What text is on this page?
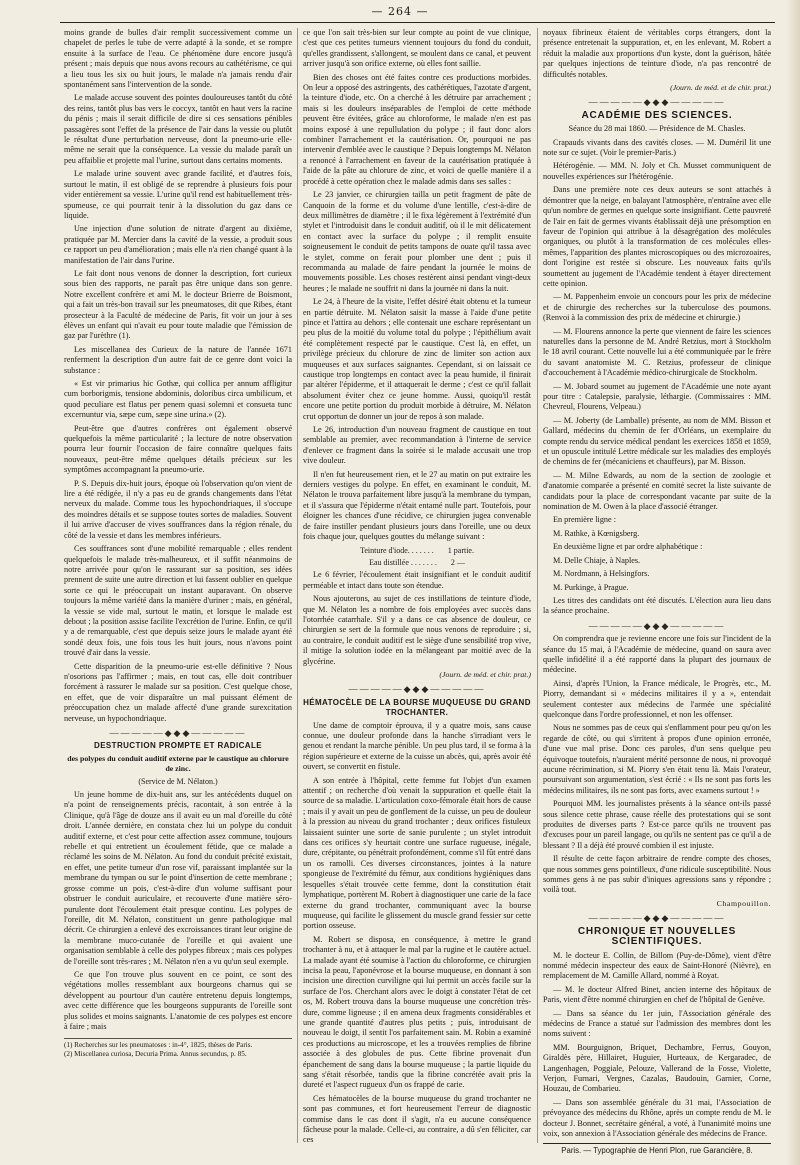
— 264 —

moins grande de bulles d'air remplit successivement comme un chapelet de perles le tube de verre adapté à la sonde, et se rompre ensuite à la surface de l'eau. Ce phénomène dure encore jusqu'à présent ; mais depuis que nous avons recours au cathétérisme, ce qui a lieu tous les six ou huit jours, le malade n'a jamais rendu d'air spontanément sans l'intervention de la sonde.

Le malade accuse souvent des pointes douloureuses tantôt du côté des reins, tantôt plus bas vers le coccyx, tantôt en haut vers la racine du pénis ; mais il serait difficile de dire si ces sensations pénibles passagères sont l'effet de la présence de l'air dans la vessie ou plutôt le résultat d'une perturbation nerveuse, dont la pneumo-urie elle-même ne serait que la conséquence. La vessie du malade paraît un peu affaiblie et projette mal l'urine, surtout dans certains moments.

Le malade urine souvent avec grande facilité, et d'autres fois, surtout le matin, il est obligé de se reprendre à plusieurs fois pour vider entièrement sa vessie. L'urine qu'il rend est habituellement très-spumeuse, ce qui pourrait tenir à la dissolution du gaz dans ce liquide.

Une injection d'une solution de nitrate d'argent au dixième, pratiquée par M. Mercier dans la cavité de la vessie, a produit sous ce rapport un peu d'amélioration ; mais elle n'a rien changé quant à la manifestation de l'air dans l'urine.

Le fait dont nous venons de donner la description, fort curieux sous bien des rapports, ne paraît pas être unique dans son genre. Notre excellent confrère et ami M. le docteur Brierre de Boismont, qui a fait un très-bon travail sur les pneumatoses, dit que Ribes, étant prosecteur à la Faculté de médecine de Paris, fit voir un jour à ses élèves un enfant qui n'avait eu pour toute maladie que l'émission de gaz par l'urèthre (1).

Les miscellanea des Curieux de la nature de l'année 1671 renferment la description d'un autre fait de ce genre dont voici la substance :

« Est vir primarius hic Gothæ, qui collica per annum affligitur cum borborigmis, tensione abdominis, doloribus circa umbilicum, et quod peculiare est flatus per penem quasi solemni et consueta tunc excernuntur via, sæpe cum, sæpe sine urina.» (2).

Peut-être que d'autres confrères ont également observé quelquefois la même particularité ; la lecture de notre observation pourra leur fournir l'occasion de faire connaître quelques faits nouveaux, peut-être même quelques détails précieux sur les symptômes accompagnant la pneumo-urie.

P. S. Depuis dix-huit jours, époque où l'observation qu'on vient de lire a été rédigée, il n'y a pas eu de grands changements dans l'état nerveux du malade. Comme tous les hypochondriaques, il s'occupe des moindres détails et se suppose toutes sortes de maladies. Souvent il lui arrive d'accuser de vives souffrances dans la région rénale, du côté de la vessie et dans les membres inférieurs.

Ces souffrances sont d'une mobilité remarquable ; elles rendent quelquefois le malade très-malheureux, et il suffit néanmoins de notre arrivée pour qu'on le rassurant sur sa position, ses idées prennent de suite une autre direction et lui fassent oublier en quelque sorte ce qui le préoccupait un instant auparavant. On observe toujours la même variété dans la manière d'uriner ; mais, en général, la vessie se vide mal, surtout le matin, et lorsque le malade est debout ; la position assise facilite l'excrétion de l'urine. Enfin, ce qu'il y a de remarquable, c'est que depuis seize jours le malade ayant été sondé deux fois, une fois tous les huit jours, nous n'avons point trouvé d'air dans la vessie.

Cette disparition de la pneumo-urie est-elle définitive ? Nous n'osorions pas l'affirmer ; mais, en tout cas, elle doit contribuer forcément à rassurer le malade sur sa position. C'est quelque chose, en effet, que de voir disparaître un mal puissant élément de préoccupation chez un malade affecté d'une grande surexcitation nerveuse, un hypochondriaque.

—————◆◆◆—————
DESTRUCTION PROMPTE ET RADICALE
des polypes du conduit auditif externe par le caustique au chlorure de zinc.
(Service de M. Nélaton.)

Un jeune homme de dix-huit ans, sur les antécédents duquel on n'a point de renseignements précis, racontait, à son entrée à la Clinique, qu'à l'âge de douze ans il avait eu un mal d'oreille du côté droit. L'année dernière, en constata chez lui un polype du conduit auditif externe, et c'est pour cette affection assez commune, toujours rebelle et qui entretient un écoulement fétide, que ce malade a réclamé les soins de M. Nélaton. Au fond du conduit précité existait, en effet, une petite tumeur d'un rose vif, paraissant implantée sur la membrane du tympan ou sur le point d'insertion de cette membrane ; grosse comme un pois, c'est-à-dire d'un volume suffisant pour obstruer le conduit auriculaire, et recouverte d'une matière séro-purulente dont l'écoulement était presque continu. Les polypes de l'oreille, dit M. Nélaton, constituent un genre pathologique mal décrit. Ce chirurgien a enlevé des excroissances tirant leur origine de la membrane muco-cutanée de l'oreille et qui avaient une organisation semblable à celle des polypes fibreux ; mais ces polypes de l'oreille sont très-rares ; M. Nélaton n'en a vu qu'un seul exemple.

Ce que l'on trouve plus souvent en ce point, ce sont des végétations molles ressemblant aux bourgeons charnus qui se développent au pourtour d'un cautère entretenu depuis longtemps, avec cette différence que les bourgeons suppurants de l'oreille sont plus solides et moins saignants. L'anatomie de ces polypes est encore à faire ; mais

(1) Recherches sur les pneumatoses : in-4°, 1825, thèses de Paris.

(2) Miscellanea curiosa, Decuria Prima. Annus secundus, p. 85.

ce que l'on sait très-bien sur leur compte au point de vue clinique, c'est que ces petites tumeurs viennent toujours du fond du conduit, qu'elles grandissent, s'allongent, se moulent dans ce canal, et peuvent arriver jusqu'à son orifice externe, où elles font saillie.

Bien des choses ont été faites contre ces productions morbides. On leur a opposé des astringents, des cathérétiques, l'azotate d'argent, la teinture d'iode, etc. On a cherché à les détruire par arrachement ; mais si les douleurs inséparables de l'emploi de cette méthode peuvent être évitées, grâce au chloroforme, le malade n'en est pas moins exposé à une repullulation du polype ; il faut donc alors combiner l'arrachement et la cautérisation. Or, pourquoi ne pas intervenir d'emblée avec le caustique ? Depuis longtemps M. Nélaton a renoncé à l'arrachement en faveur de la cautérisation pratiquée à l'aide de la pâte au chlorure de zinc, et voici de quelle manière il a procédé à cette opération chez le malade admis dans ses salles :

Le 23 janvier, ce chirurgien tailla un petit fragment de pâte de Canquoin de la forme et du volume d'une lentille, c'est-à-dire de deux millimètres de diamètre ; il le fixa légèrement à l'extrémité d'un stylet et l'introduisit dans le conduit auditif, où il le mit délicatement en contact avec la surface du polype ; il remplit ensuite soigneusement le conduit de petits tampons de ouate qu'il tassa avec le stylet, comme on ferait pour plomber une dent ; puis il recommanda au malade de faire pendant la journée le moins de mouvements possible. Les choses restèrent ainsi pendant vingt-deux heures ; le malade ne souffrit ni dans la journée ni dans la nuit.

Le 24, à l'heure de la visite, l'effet désiré était obtenu et la tumeur en partie détruite. M. Nélaton saisit la masse à l'aide d'une petite pince et l'attira au dehors ; elle contenait une eschare représentant un peu plus de la moitié du volume total du polype ; l'épithélium avait été complètement respecté par le caustique. C'est là, en effet, un privilège précieux du chlorure de zinc de limiter son action aux muqueuses et aux surfaces saignantes. Cependant, si on laissait ce caustique trop longtemps en contact avec la peau humide, il finirait par altérer l'épiderme, et il attaquerait le derme ; c'est ce qu'il fallait absolument éviter chez ce jeune homme. Aussi, quoiqu'il restât encore une petite portion du produit morbide à détruire, M. Nélaton crut opportun de donner un jour de repos à son malade.

Le 26, introduction d'un nouveau fragment de caustique en tout semblable au premier, avec recommandation à l'interne de service d'enlever ce fragment dans la soirée si le malade accusait une trop vive douleur.

Il n'en fut heureusement rien, et le 27 au matin on put extraire les derniers vestiges du polype. En effet, en examinant le conduit, M. Nélaton le trouva parfaitement libre jusqu'à la membrane du tympan, et il s'assura que l'épiderme n'était entamé nulle part. Toutefois, pour éloigner les chances d'une récidive, ce chirurgien jugea convenable de faire instiller pendant plusieurs jours dans l'oreille, une ou deux fois chaque jour, quelques gouttes du mélange suivant :

Teinture d'iode. . . . . . . 1 partie.
Eau distillée . . . . . . . 2 —

Le 6 février, l'écoulement était insignifiant et le conduit auditif perméable et intact dans toute son étendue.

Nous ajouterons, au sujet de ces instillations de teinture d'iode, que M. Nélaton les a nombre de fois employées avec succès dans l'otorrhée catarrhale. S'il y a dans ce cas absence de douleur, ce chirurgien se sert de la formule que nous venons de reproduire ; si, au contraire, le conduit auditif est le siège d'une sensibilité trop vive, il mitige la solution iodée en la mélangeant par moitié avec de la glycérine.

(Journ. de méd. et chir. prat.)
—————◆◆◆—————
HÉMATOCÈLE DE LA BOURSE MUQUEUSE DU GRAND TROCHANTER.

Une dame de comptoir éprouva, il y a quatre mois, sans cause connue, une douleur profonde dans la hanche s'irradiant vers le genou et rendant la marche pénible. Un peu plus tard, il se forma à la région supérieure et externe de la cuisse un abcès, qui, après avoir été ouvert, se convertit en fistule.

A son entrée à l'hôpital, cette femme fut l'objet d'un examen attentif ; on recherche d'où venait la suppuration et quelle était la source de sa maladie. L'articulation coxo-fémorale était hors de cause ; mais il y avait un peu de gonflement de la cuisse, un peu de douleur à la pression au niveau du grand trochanter ; deux orifices fistuleux laissaient suinter une sorte de sanie purulente ; un stylet introduit dans ces orifices s'y heurtait contre une surface rugueuse, inégale, dure, crépitante, ou pénétrait profondément, comme s'il fût entré dans un os ramolli. Ces diverses circonstances, jointes à la nature spongieuse de l'extrémité du fémur, aux conditions hygiéniques dans lesquelles s'était trouvée cette femme, dont la constitution était lymphatique, portèrent M. Robert à diagnostiquer une carie de la face externe du grand trochanter, communiquant avec la bourse muqueuse, qui facilite le glissement du muscle grand fessier sur cette portion osseuse.

M. Robert se disposa, en conséquence, à mettre le grand trochanter à nu, et à attaquer le mal par la rugine et le cautère actuel. La malade ayant été soumise à l'action du chloroforme, ce chirurgien incisa la peau, l'aponévrose et la bourse muqueuse, en donnant à son incision une direction curviligne qui lui permit un accès facile sur la surface de l'os. Cherchant alors avec le doigt à constater l'état de cet os, M. Robert trouva dans la bourse muqueuse une concrétion très-dure, comme ligneuse ; il en amena deux fragments considérables et une grande quantité d'autres plus petits ; puis, introduisant de nouveau le doigt, il sentit l'os parfaitement sain. M. Robin a examiné ces productions au microscope, et les a trouvées remplies de fibrine associée à des globules de pus. Cette fibrine provenait d'un épanchement de sang dans la bourse muqueuse ; la partie liquide du sang s'était résorbée, tandis que la fibrine concrétée avait pris la dureté et l'aspect rugueux d'un os frappé de carie.

Ces hématocèles de la bourse muqueuse du grand trochanter ne sont pas communes, et fort heureusement l'erreur de diagnostic commise dans le cas dont il s'agit, n'a eu aucune conséquence fâcheuse pour la malade. Celle-ci, au contraire, a dû s'en féliciter, car ces

noyaux fibrineux étaient de véritables corps étrangers, dont la présence entretenait la suppuration, et, en les enlevant, M. Robert a réduit la maladie aux proportions d'un kyste, dont la guérison, hâtée par quelques injections de teinture d'iode, n'a pas rencontré de difficultés notables.

(Journ. de méd. et de chir. prat.)
—————◆◆◆—————
ACADÉMIE DES SCIENCES.

Séance du 28 mai 1860. — Présidence de M. Chasles.

Crapauds vivants dans des cavités closes. — M. Duméril lit une note sur ce sujet. (Voir le premier-Paris.)

Hétérogénie. — MM. N. Joly et Ch. Musset communiquent de nouvelles expériences sur l'hétérogénie.

Dans une première note ces deux auteurs se sont attachés à démontrer que la neige, en balayant l'atmosphère, n'entraîne avec elle qu'un nombre de germes en quelque sorte insignifiant. Cette pauvreté de l'air en fait de germes vivants établissait déjà une présomption en faveur de l'opinion qui attribue à la désagrégation des molécules organiques, ou plutôt à la transformation de ces molécules elles-mêmes, l'apparition des plantes microscopiques ou des microzoaires, dont l'origine est restée si obscure. Les nouveaux faits qu'ils soumettent au jugement de l'Académie tendent à étayer directement cette opinion.

— M. Pappenheim envoie un concours pour les prix de médecine et de chirurgie des recherches sur la tuberculose des poumons. (Renvoi à la commission des prix de médecine et chirurgie.)

— M. Flourens annonce la perte que viennent de faire les sciences naturelles dans la personne de M. André Retzius, mort à Stockholm le 18 avril courant. Cette nouvelle lui a été communiquée par le frère du savant anatomiste M. C. Retzius, professeur de clinique d'accouchement à l'Académie médico-chirurgicale de Stockholm.

— M. Jobard soumet au jugement de l'Académie une note ayant pour titre : Catalepsie, paralysie, léthargie. (Commissaires : MM. Chevreul, Flourens, Velpeau.)

— M. Joberty (de Lamballe) présente, au nom de MM. Bisson et Gallard, médecins du chemin de fer d'Orléans, un exemplaire du compte rendu du service médical pendant les exercices 1858 et 1859, et un opuscule intitulé Lettre médicale sur les maladies des employés de chemins de fer (mécaniciens et chauffeurs), par M. Bisson.

— M. Milne Edwards, au nom de la section de zoologie et d'anatomie comparée a présenté en comité secret la liste suivante de candidats pour la place de correspondant vacante par suite de la nomination de M. Owen à la place d'associé étranger.

En première ligne :

M. Rathke, à Kœnigsberg.

En deuxième ligne et par ordre alphabétique :

M. Delle Chiaje, à Naples.

M. Nordmann, à Helsingfors.

M. Purkinge, à Prague.

Les titres des candidats ont été discutés. L'élection aura lieu dans la séance prochaine.

—————◆◆◆—————

On comprendra que je revienne encore une fois sur l'incident de la séance du 15 mai, à l'Académie de médecine, quand on saura avec quelle infidélité il a été rapporté dans la plupart des journaux de médecine.

Ainsi, d'après l'Union, la France médicale, le Progrès, etc., M. Piorry, demandant si « médecins militaires il y a », entendait seulement contester aux médecins de l'armée une spécialité quelconque dans l'ordre professionnel, et non les offenser.

Nous ne sommes pas de ceux qui s'enflamment pour peu qu'on les regarde de côté, ou qui s'irritent à propos d'une opinion erronée, d'une vue mal prise. Donc ces paroles, d'un sens quelque peu équivoque toutefois, n'auraient mérité personne de nous, ni provoqué aucune récrimination, si M. Piorry s'en était tenu là. Mais l'orateur, poursuivant son argumentation, s'est écrié : « Ils ne sont pas forts les médecins militaires, ils ne sont pas forts, avec examens surtout ! »

Pourquoi MM. les journalistes présents à la séance ont-ils passé sous silence cette phrase, cause réelle des protestations qui se sont produites de diverses parts ? Est-ce parce qu'ils ne trouvent pas d'excuses pour un pareil langage, ou qu'ils ne sentent pas ce qu'il a de blessant ? Il a déjà été prouvé combien il est injuste.

Il résulte de cette façon arbitraire de rendre compte des choses, que nous sommes gens pointilleux, d'une ridicule susceptibilité. Nous sommes gens à ne pas subir d'iniques agressions sans y répondre ; voilà tout.

Champouillon.
—————◆◆◆—————
CHRONIQUE ET NOUVELLES SCIENTIFIQUES.

M. le docteur E. Collin, de Billom (Puy-de-Dôme), vient d'être nommé médecin inspecteur des eaux de Saint-Honoré (Nièvre), en remplacement de M. Camille Allard, nommé à Royat.

— M. le docteur Alfred Binet, ancien interne des hôpitaux de Paris, vient d'être nommé chirurgien en chef de l'hôpital de Genève.

— Dans sa séance du 1er juin, l'Association générale des médecins de France a statué sur l'admission des membres dont les noms suivent :

MM. Bourguignon, Briquet, Dechambre, Ferrus, Gouyon, Giraldès père, Hillairet, Huguier, Hurteaux, de Kergaradec, de Langenhagen, Poggiale, Pelouze, Vallerand de la Fosse, Violette, Verjon, Furnari, Vergnes, Cazalas, Baudouin, Garnier, Corne, Houzau, de Combarieu.

— Dans son assemblée générale du 31 mai, l'Association de prévoyance des médecins du Rhône, après un compte rendu de M. le docteur J. Bonnet, secrétaire général, a voté, à l'unanimité moins une voix, son annexion à l'Association générale des médecins de France.

Paris. — Typographie de Henri Plon, rue Garancière, 8.
